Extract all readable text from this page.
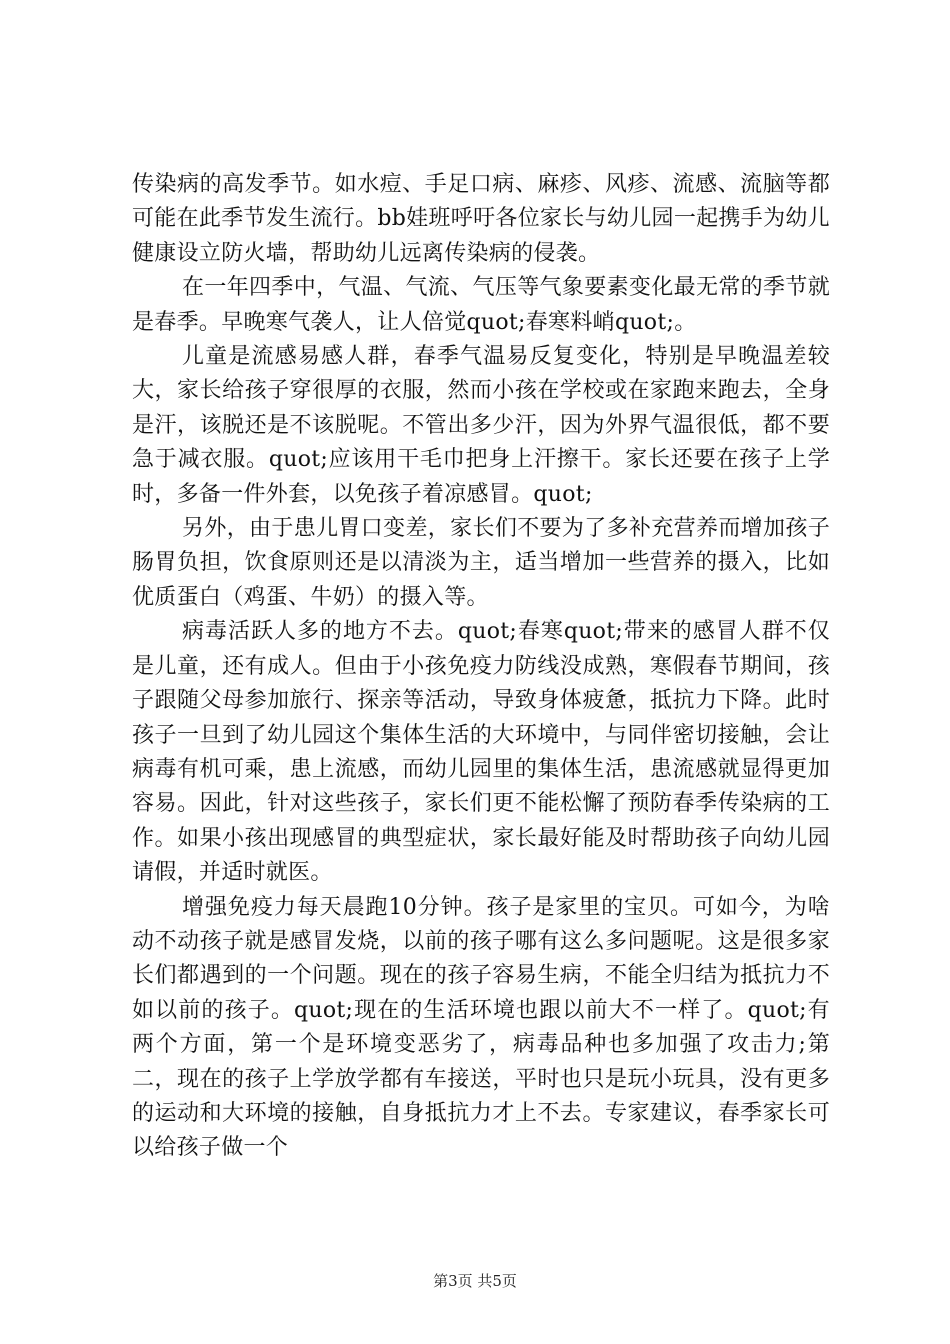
传染病的高发季节。如水痘、手足口病、麻疹、风疹、流感、流脑等都可能在此季节发生流行。bb娃班呼吁各位家长与幼儿园一起携手为幼儿健康设立防火墙，帮助幼儿远离传染病的侵袭。

在一年四季中，气温、气流、气压等气象要素变化最无常的季节就是春季。早晚寒气袭人，让人倍觉quot;春寒料峭quot;。

儿童是流感易感人群，春季气温易反复变化，特别是早晚温差较大，家长给孩子穿很厚的衣服，然而小孩在学校或在家跑来跑去，全身是汗，该脱还是不该脱呢。不管出多少汗，因为外界气温很低，都不要急于减衣服。quot;应该用干毛巾把身上汗擦干。家长还要在孩子上学时，多备一件外套，以免孩子着凉感冒。quot;

另外，由于患儿胃口变差，家长们不要为了多补充营养而增加孩子肠胃负担，饮食原则还是以清淡为主，适当增加一些营养的摄入，比如优质蛋白（鸡蛋、牛奶）的摄入等。

病毒活跃人多的地方不去。quot;春寒quot;带来的感冒人群不仅是儿童，还有成人。但由于小孩免疫力防线没成熟，寒假春节期间，孩子跟随父母参加旅行、探亲等活动，导致身体疲惫，抵抗力下降。此时孩子一旦到了幼儿园这个集体生活的大环境中，与同伴密切接触，会让病毒有机可乘，患上流感，而幼儿园里的集体生活，患流感就显得更加容易。因此，针对这些孩子，家长们更不能松懈了预防春季传染病的工作。如果小孩出现感冒的典型症状，家长最好能及时帮助孩子向幼儿园请假，并适时就医。

增强免疫力每天晨跑10分钟。孩子是家里的宝贝。可如今，为啥动不动孩子就是感冒发烧，以前的孩子哪有这么多问题呢。这是很多家长们都遇到的一个问题。现在的孩子容易生病，不能全归结为抵抗力不如以前的孩子。quot;现在的生活环境也跟以前大不一样了。quot;有两个方面，第一个是环境变恶劣了，病毒品种也多加强了攻击力;第二，现在的孩子上学放学都有车接送，平时也只是玩小玩具，没有更多的运动和大环境的接触，自身抵抗力才上不去。专家建议，春季家长可以给孩子做一个

第3页 共5页
